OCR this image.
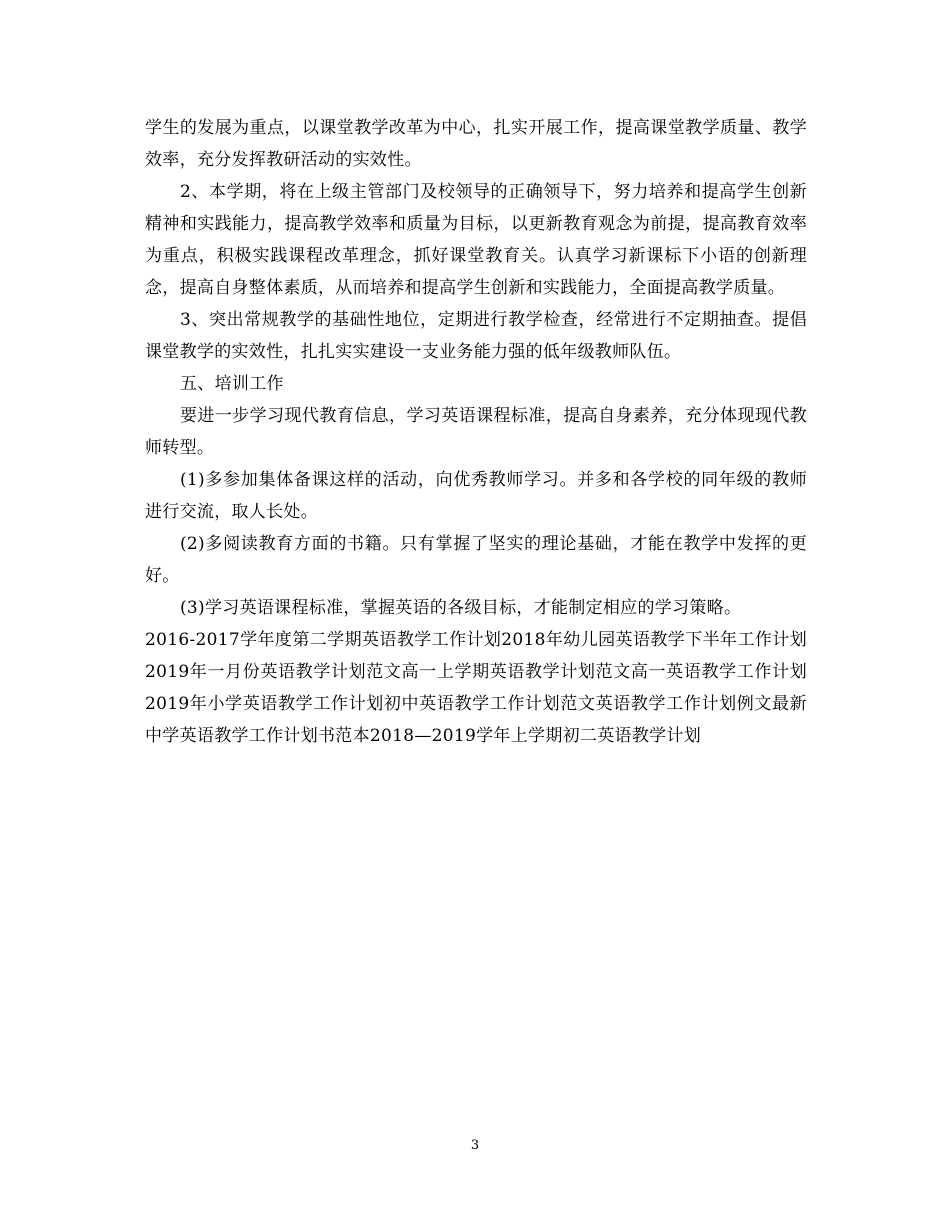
学生的发展为重点，以课堂教学改革为中心，扎实开展工作，提高课堂教学质量、教学效率，充分发挥教研活动的实效性。

2、本学期，将在上级主管部门及校领导的正确领导下，努力培养和提高学生创新精神和实践能力，提高教学效率和质量为目标，以更新教育观念为前提，提高教育效率为重点，积极实践课程改革理念，抓好课堂教育关。认真学习新课标下小语的创新理念，提高自身整体素质，从而培养和提高学生创新和实践能力，全面提高教学质量。

3、突出常规教学的基础性地位，定期进行教学检查，经常进行不定期抽查。提倡课堂教学的实效性，扎扎实实建设一支业务能力强的低年级教师队伍。

五、培训工作

要进一步学习现代教育信息，学习英语课程标准，提高自身素养，充分体现现代教师转型。

(1)多参加集体备课这样的活动，向优秀教师学习。并多和各学校的同年级的教师进行交流，取人长处。

(2)多阅读教育方面的书籍。只有掌握了坚实的理论基础，才能在教学中发挥的更好。

(3)学习英语课程标准，掌握英语的各级目标，才能制定相应的学习策略。

2016-2017学年度第二学期英语教学工作计划2018年幼儿园英语教学下半年工作计划2019年一月份英语教学计划范文高一上学期英语教学计划范文高一英语教学工作计划2019年小学英语教学工作计划初中英语教学工作计划范文英语教学工作计划例文最新中学英语教学工作计划书范本2018—2019学年上学期初二英语教学计划

3
